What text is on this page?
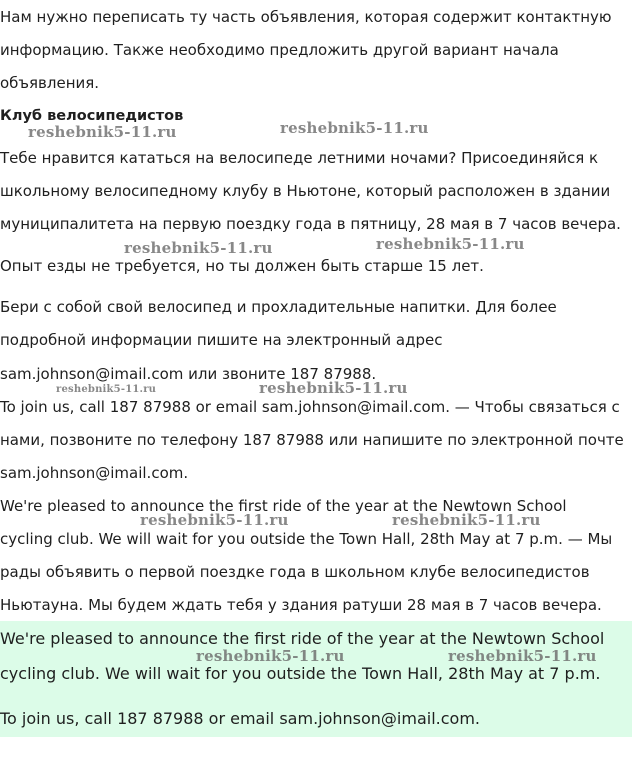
Нам нужно переписать ту часть объявления, которая содержит контактную
информацию. Также необходимо предложить другой вариант начала
объявления.
Клуб велосипедистов
Тебе нравится кататься на велосипеде летними ночами? Присоединяйся к
школьному велосипедному клубу в Ньютоне, который расположен в здании
муниципалитета на первую поездку года в пятницу, 28 мая в 7 часов вечера.
Опыт езды не требуется, но ты должен быть старше 15 лет.
Бери с собой свой велосипед и прохладительные напитки. Для более
подробной информации пишите на электронный адрес
sam.johnson@imail.com или звоните 187 87988.
To join us, call 187 87988 or email sam.johnson@imail.com. — Чтобы связаться с
нами, позвоните по телефону 187 87988 или напишите по электронной почте
sam.johnson@imail.com.
We're pleased to announce the first ride of the year at the Newtown School
cycling club. We will wait for you outside the Town Hall, 28th May at 7 p.m. — Мы
рады объявить о первой поездке года в школьном клубе велосипедистов
Ньютауна. Мы будем ждать тебя у здания ратуши 28 мая в 7 часов вечера.
We're pleased to announce the first ride of the year at the Newtown School
cycling club. We will wait for you outside the Town Hall, 28th May at 7 p.m.
To join us, call 187 87988 or email sam.johnson@imail.com.
reshebnik5-11.ru	reshebnik5-11.ru
reshebnik5-11.ru	reshebnik5-11.ru
reshebnik5-11.ru	reshebnik5-11.ru
reshebnik5-11.ru	reshebnik5-11.ru
reshebnik5-11.ru	reshebnik5-11.ru
